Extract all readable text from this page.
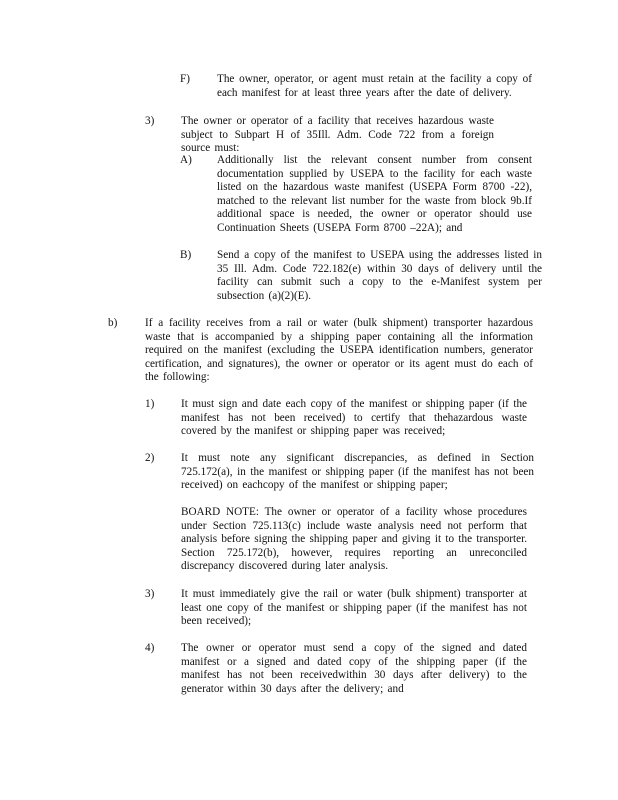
F) The owner, operator, or agent must retain at the facility a copy of each manifest for at least three years after the date of delivery.
3) The owner or operator of a facility that receives hazardous waste subject to Subpart H of 35Ill. Adm. Code 722 from a foreign source must:
A) Additionally list the relevant consent number from consent documentation supplied by USEPA to the facility for each waste listed on the hazardous waste manifest (USEPA Form 8700 -22), matched to the relevant list number for the waste from block 9b.If additional space is needed, the owner or operator should use Continuation Sheets (USEPA Form 8700 –22A); and
B) Send a copy of the manifest to USEPA using the addresses listed in 35 Ill. Adm. Code 722.182(e) within 30 days of delivery until the facility can submit such a copy to the e-Manifest system per subsection (a)(2)(E).
b) If a facility receives from a rail or water (bulk shipment) transporter hazardous waste that is accompanied by a shipping paper containing all the information required on the manifest (excluding the USEPA identification numbers, generator certification, and signatures), the owner or operator or its agent must do each of the following:
1) It must sign and date each copy of the manifest or shipping paper (if the manifest has not been received) to certify that thehazardous waste covered by the manifest or shipping paper was received;
2) It must note any significant discrepancies, as defined in Section 725.172(a), in the manifest or shipping paper (if the manifest has not been received) on eachcopy of the manifest or shipping paper;
BOARD NOTE: The owner or operator of a facility whose procedures under Section 725.113(c) include waste analysis need not perform that analysis before signing the shipping paper and giving it to the transporter. Section 725.172(b), however, requires reporting an unreconciled discrepancy discovered during later analysis.
3) It must immediately give the rail or water (bulk shipment) transporter at least one copy of the manifest or shipping paper (if the manifest has not been received);
4) The owner or operator must send a copy of the signed and dated manifest or a signed and dated copy of the shipping paper (if the manifest has not been receivedwithin 30 days after delivery) to the generator within 30 days after the delivery; and
